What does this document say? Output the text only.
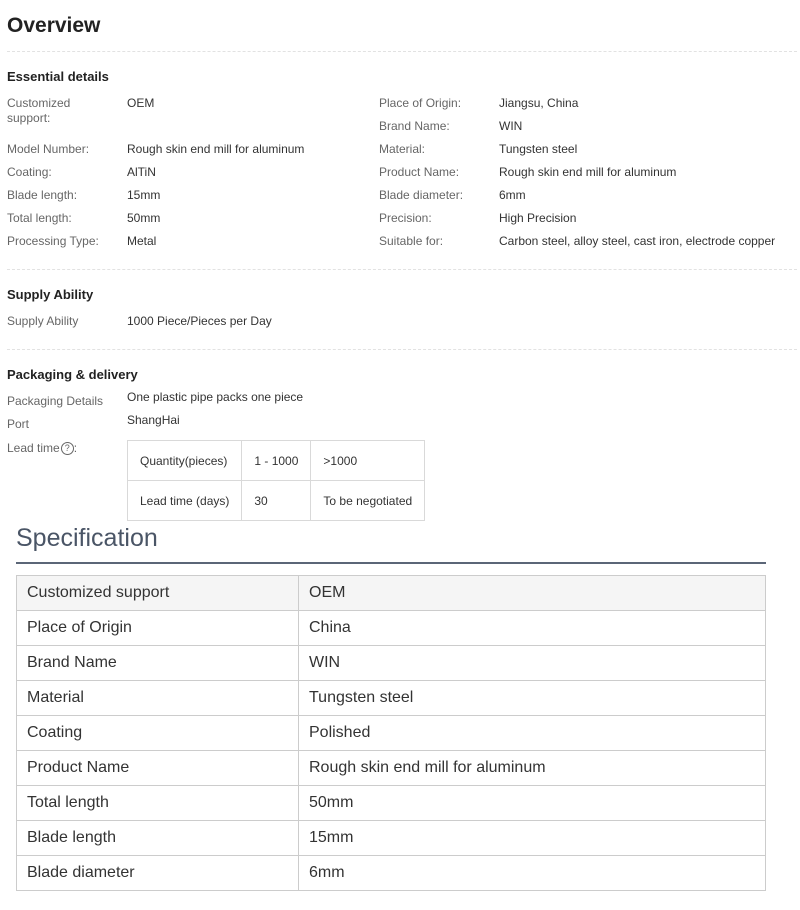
Overview
Essential details
Customized support:
OEM
Model Number:	Rough skin end mill for aluminum
Coating:	AlTiN
Blade length:	15mm
Total length:	50mm
Processing Type: Metal
Place of Origin:	Jiangsu, China
Brand Name:	WIN
Material:	Tungsten steel
Product Name:	Rough skin end mill for aluminum
Blade diameter:	6mm
Precision:	High Precision
Suitable for:	Carbon steel, alloy steel, cast iron, electrode copper
Supply Ability
Supply Ability	1000 Piece/Pieces per Day
Packaging & delivery
Packaging Details One plastic pipe packs one piece
Port	ShangHai
Lead time ? :
Quantity(pieces)	1 - 1000	>1000
Lead time (days)	30	To be negotiated
Specification
Customized support	OEM
Place of Origin	China
Brand Name	WIN
Material	Tungsten steel
Coating	Polished
Product Name	Rough skin end mill for aluminum
Total length	50mm
Blade length	15mm
Blade diameter	6mm
